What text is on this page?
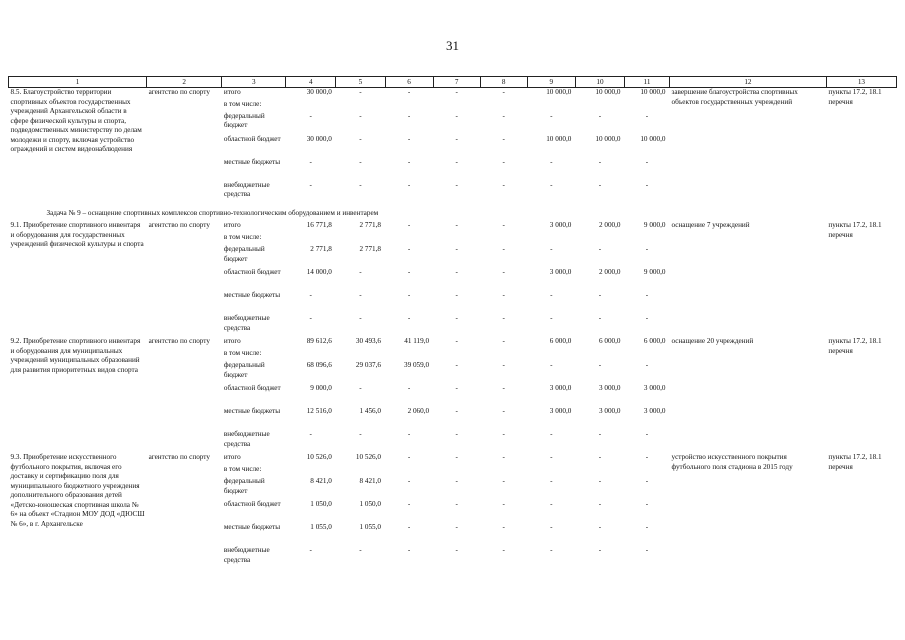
31
1	2	3	4	5	6	7	8	9	10	11	12	13
8.5. Благоустройство территории спортивных объектов государственных учреждений Архангельской области в сфере физической культуры и спорта, подведомственных министерству по делам молодежи и спорту, включая устройство ограждений и систем видеонаблюдения	агентство по спорту	итого	30 000,0	-	-	-	-	10 000,0	10 000,0	10 000,0	завершение благоустройства спортивных объектов государственных учреждений	пункты 17.2, 18.1 перечня
		в том числе:										
		федеральный бюджет	-	-	-	-	-	-	-	-		
		областной бюджет	30 000,0	-	-	-	-	10 000,0	10 000,0	10 000,0		
		местные бюджеты	-	-	-	-	-	-	-	-		
		внебюджетные средства	-	-	-	-	-	-	-	-		
Задача № 9 – оснащение спортивных комплексов спортивно-технологическим оборудованием и инвентарем												
9.1. Приобретение спортивного инвентаря и оборудования для государственных учреждений физической культуры и спорта	агентство по спорту	итого	16 771,8	2 771,8	-	-	-	3 000,0	2 000,0	9 000,0	оснащение 7 учреждений	пункты 17.2, 18.1 перечня
		в том числе:										
		федеральный бюджет	2 771,8	2 771,8	-	-	-	-	-	-		
		областной бюджет	14 000,0	-	-	-	-	3 000,0	2 000,0	9 000,0		
		местные бюджеты	-	-	-	-	-	-	-	-		
		внебюджетные средства	-	-	-	-	-	-	-	-		
9.2. Приобретение спортивного инвентаря и оборудования для муниципальных учреждений муниципальных образований для развития приоритетных видов спорта	агентство по спорту	итого	89 612,6	30 493,6	41 119,0	-	-	6 000,0	6 000,0	6 000,0	оснащение 20 учреждений	пункты 17.2, 18.1 перечня
		в том числе:										
		федеральный бюджет	68 096,6	29 037,6	39 059,0	-	-	-	-	-		
		областной бюджет	9 000,0	-	-	-	-	3 000,0	3 000,0	3 000,0		
		местные бюджеты	12 516,0	1 456,0	2 060,0	-	-	3 000,0	3 000,0	3 000,0		
		внебюджетные средства	-	-	-	-	-	-	-	-		
9.3. Приобретение искусственного футбольного покрытия, включая его доставку и сертификацию поля для муниципального бюджетного учреждения дополнительного образования детей «Детско-юношеская спортивная школа № 6» на объект «Стадион МОУ ДОД «ДЮСШ № 6», в г. Архангельске	агентство по спорту	итого	10 526,0	10 526,0	-	-	-	-	-	-	устройство искусственного покрытия футбольного поля стадиона в 2015 году	пункты 17.2, 18.1 перечня
		в том числе:										
		федеральный бюджет	8 421,0	8 421,0	-	-	-	-	-	-		
		областной бюджет	1 050,0	1 050,0	-	-	-	-	-	-		
		местные бюджеты	1 055,0	1 055,0	-	-	-	-	-	-		
		внебюджетные средства	-	-	-	-	-	-	-	-		
